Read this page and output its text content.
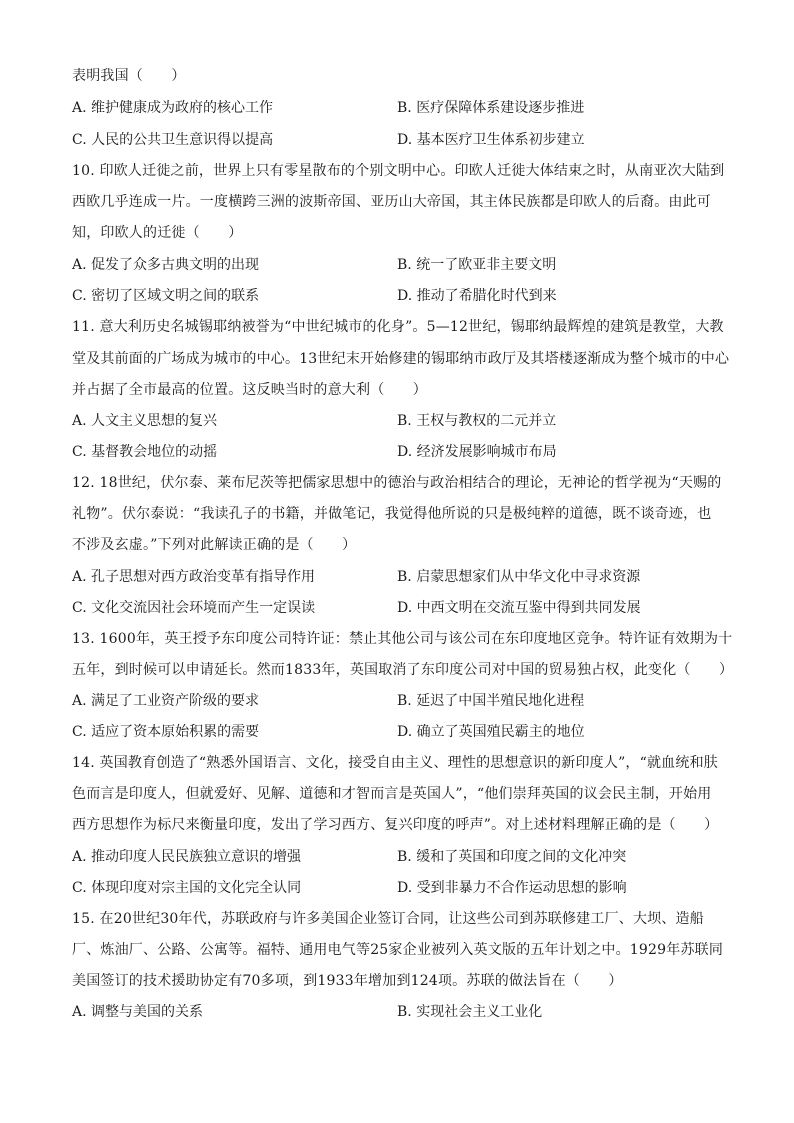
表明我国（　　）
A. 维护健康成为政府的核心工作	B. 医疗保障体系建设逐步推进
C. 人民的公共卫生意识得以提高	D. 基本医疗卫生体系初步建立
10. 印欧人迁徙之前，世界上只有零星散布的个别文明中心。印欧人迁徙大体结束之时，从南亚次大陆到
西欧几乎连成一片。一度横跨三洲的波斯帝国、亚历山大帝国，其主体民族都是印欧人的后裔。由此可
知，印欧人的迁徙（　　）
A. 促发了众多古典文明的出现	B. 统一了欧亚非主要文明
C. 密切了区域文明之间的联系	D. 推动了希腊化时代到来
11. 意大利历史名城锡耶纳被誉为“中世纪城市的化身”。5—12世纪，锡耶纳最辉煌的建筑是教堂，大教
堂及其前面的广场成为城市的中心。13世纪末开始修建的锡耶纳市政厅及其塔楼逐渐成为整个城市的中心
并占据了全市最高的位置。这反映当时的意大利（　　）
A. 人文主义思想的复兴	B. 王权与教权的二元并立
C. 基督教会地位的动摇	D. 经济发展影响城市布局
12. 18世纪，伏尔泰、莱布尼茨等把儒家思想中的德治与政治相结合的理论，无神论的哲学视为“天赐的
礼物”。伏尔泰说：“我读孔子的书籍，并做笔记，我觉得他所说的只是极纯粹的道德，既不谈奇迹，也
不涉及玄虚。”下列对此解读正确的是（　　）
A. 孔子思想对西方政治变革有指导作用	B. 启蒙思想家们从中华文化中寻求资源
C. 文化交流因社会环境而产生一定误读	D. 中西文明在交流互鉴中得到共同发展
13. 1600年，英王授予东印度公司特许证：禁止其他公司与该公司在东印度地区竞争。特许证有效期为十
五年，到时候可以申请延长。然而1833年，英国取消了东印度公司对中国的贸易独占权，此变化（　　）
A. 满足了工业资产阶级的要求	B. 延迟了中国半殖民地化进程
C. 适应了资本原始积累的需要	D. 确立了英国殖民霸主的地位
14. 英国教育创造了“熟悉外国语言、文化，接受自由主义、理性的思想意识的新印度人”，“就血统和肤
色而言是印度人，但就爱好、见解、道德和才智而言是英国人”，“他们崇拜英国的议会民主制，开始用
西方思想作为标尺来衡量印度，发出了学习西方、复兴印度的呼声”。对上述材料理解正确的是（　　）
A. 推动印度人民民族独立意识的增强	B. 缓和了英国和印度之间的文化冲突
C. 体现印度对宗主国的文化完全认同	D. 受到非暴力不合作运动思想的影响
15. 在20世纪30年代，苏联政府与许多美国企业签订合同，让这些公司到苏联修建工厂、大坝、造船
厂、炼油厂、公路、公寓等。福特、通用电气等25家企业被列入英文版的五年计划之中。1929年苏联同
美国签订的技术援助协定有70多项，到1933年增加到124项。苏联的做法旨在（　　）
A. 调整与美国的关系	B. 实现社会主义工业化
